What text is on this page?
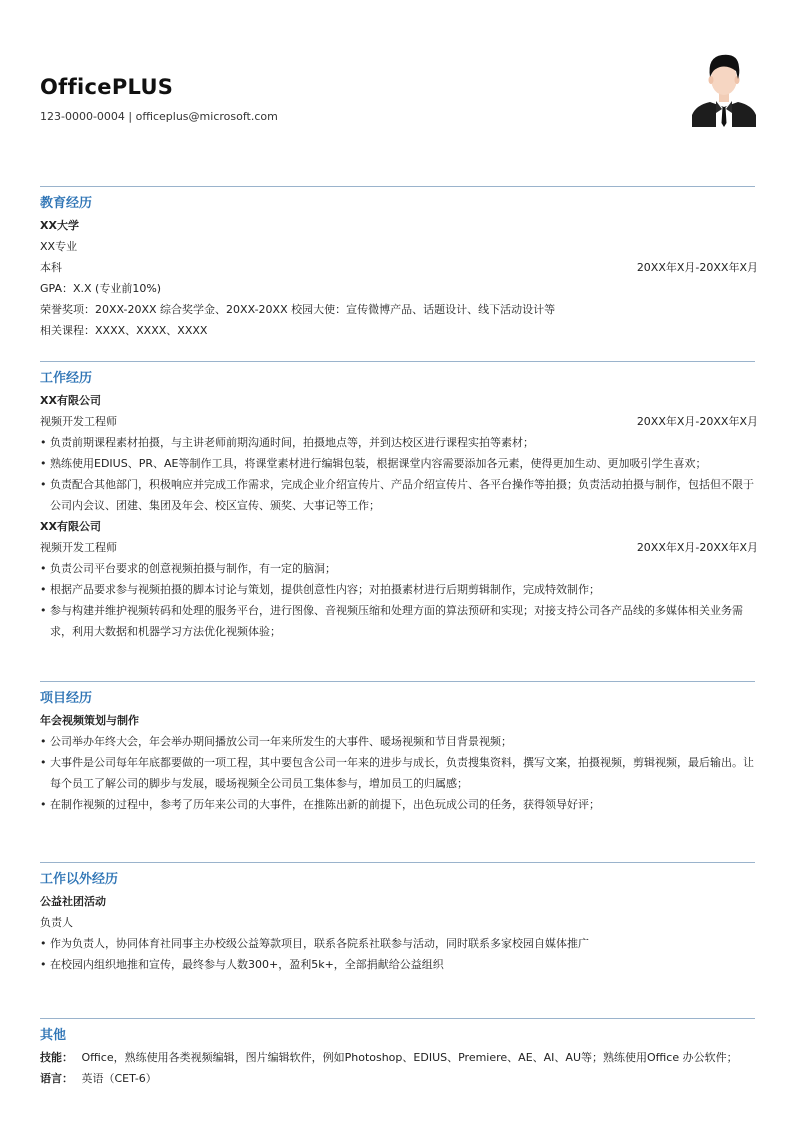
OfficePLUS
123-0000-0004 | officeplus@microsoft.com
教育经历
XX大学
XX专业
本科	20XX年X月-20XX年X月
GPA：X.X (专业前10%)
荣誉奖项：20XX-20XX 综合奖学金、20XX-20XX 校园大使：宣传微博产品、话题设计、线下活动设计等
相关课程：XXXX、XXXX、XXXX
工作经历
XX有限公司
视频开发工程师	20XX年X月-20XX年X月
• 负责前期课程素材拍摄，与主讲老师前期沟通时间，拍摄地点等，并到达校区进行课程实拍等素材；
• 熟练使用EDIUS、PR、AE等制作工具，将课堂素材进行编辑包装，根据课堂内容需要添加各元素，使得更加生动、更加吸引学生喜欢；
• 负责配合其他部门，积极响应并完成工作需求，完成企业介绍宣传片、产品介绍宣传片、各平台操作等拍摄；负责活动拍摄与制作，包括但不限于公司内会议、团建、集团及年会、校区宣传、颁奖、大事记等工作；
XX有限公司
视频开发工程师	20XX年X月-20XX年X月
• 负责公司平台要求的创意视频拍摄与制作，有一定的脑洞；
• 根据产品要求参与视频拍摄的脚本讨论与策划，提供创意性内容；对拍摄素材进行后期剪辑制作，完成特效制作；
• 参与构建并维护视频转码和处理的服务平台，进行图像、音视频压缩和处理方面的算法预研和实现；对接支持公司各产品线的多媒体相关业务需求，利用大数据和机器学习方法优化视频体验；
项目经历
年会视频策划与制作
• 公司举办年终大会，年会举办期间播放公司一年来所发生的大事件、暖场视频和节目背景视频；
• 大事件是公司每年年底都要做的一项工程，其中要包含公司一年来的进步与成长，负责搜集资料，撰写文案，拍摄视频，剪辑视频，最后输出。让每个员工了解公司的脚步与发展，暖场视频全公司员工集体参与，增加员工的归属感；
• 在制作视频的过程中，参考了历年来公司的大事件，在推陈出新的前提下，出色玩成公司的任务，获得领导好评；
工作以外经历
公益社团活动
负责人
• 作为负责人，协同体育社同事主办校级公益筹款项目，联系各院系社联参与活动，同时联系多家校园自媒体推广
• 在校园内组织地推和宣传，最终参与人数300+，盈利5k+，全部捐献给公益组织
其他
技能： Office，熟练使用各类视频编辑，图片编辑软件，例如Photoshop、EDIUS、Premiere、AE、AI、AU等；熟练使用Office 办公软件；
语言： 英语（CET-6）
